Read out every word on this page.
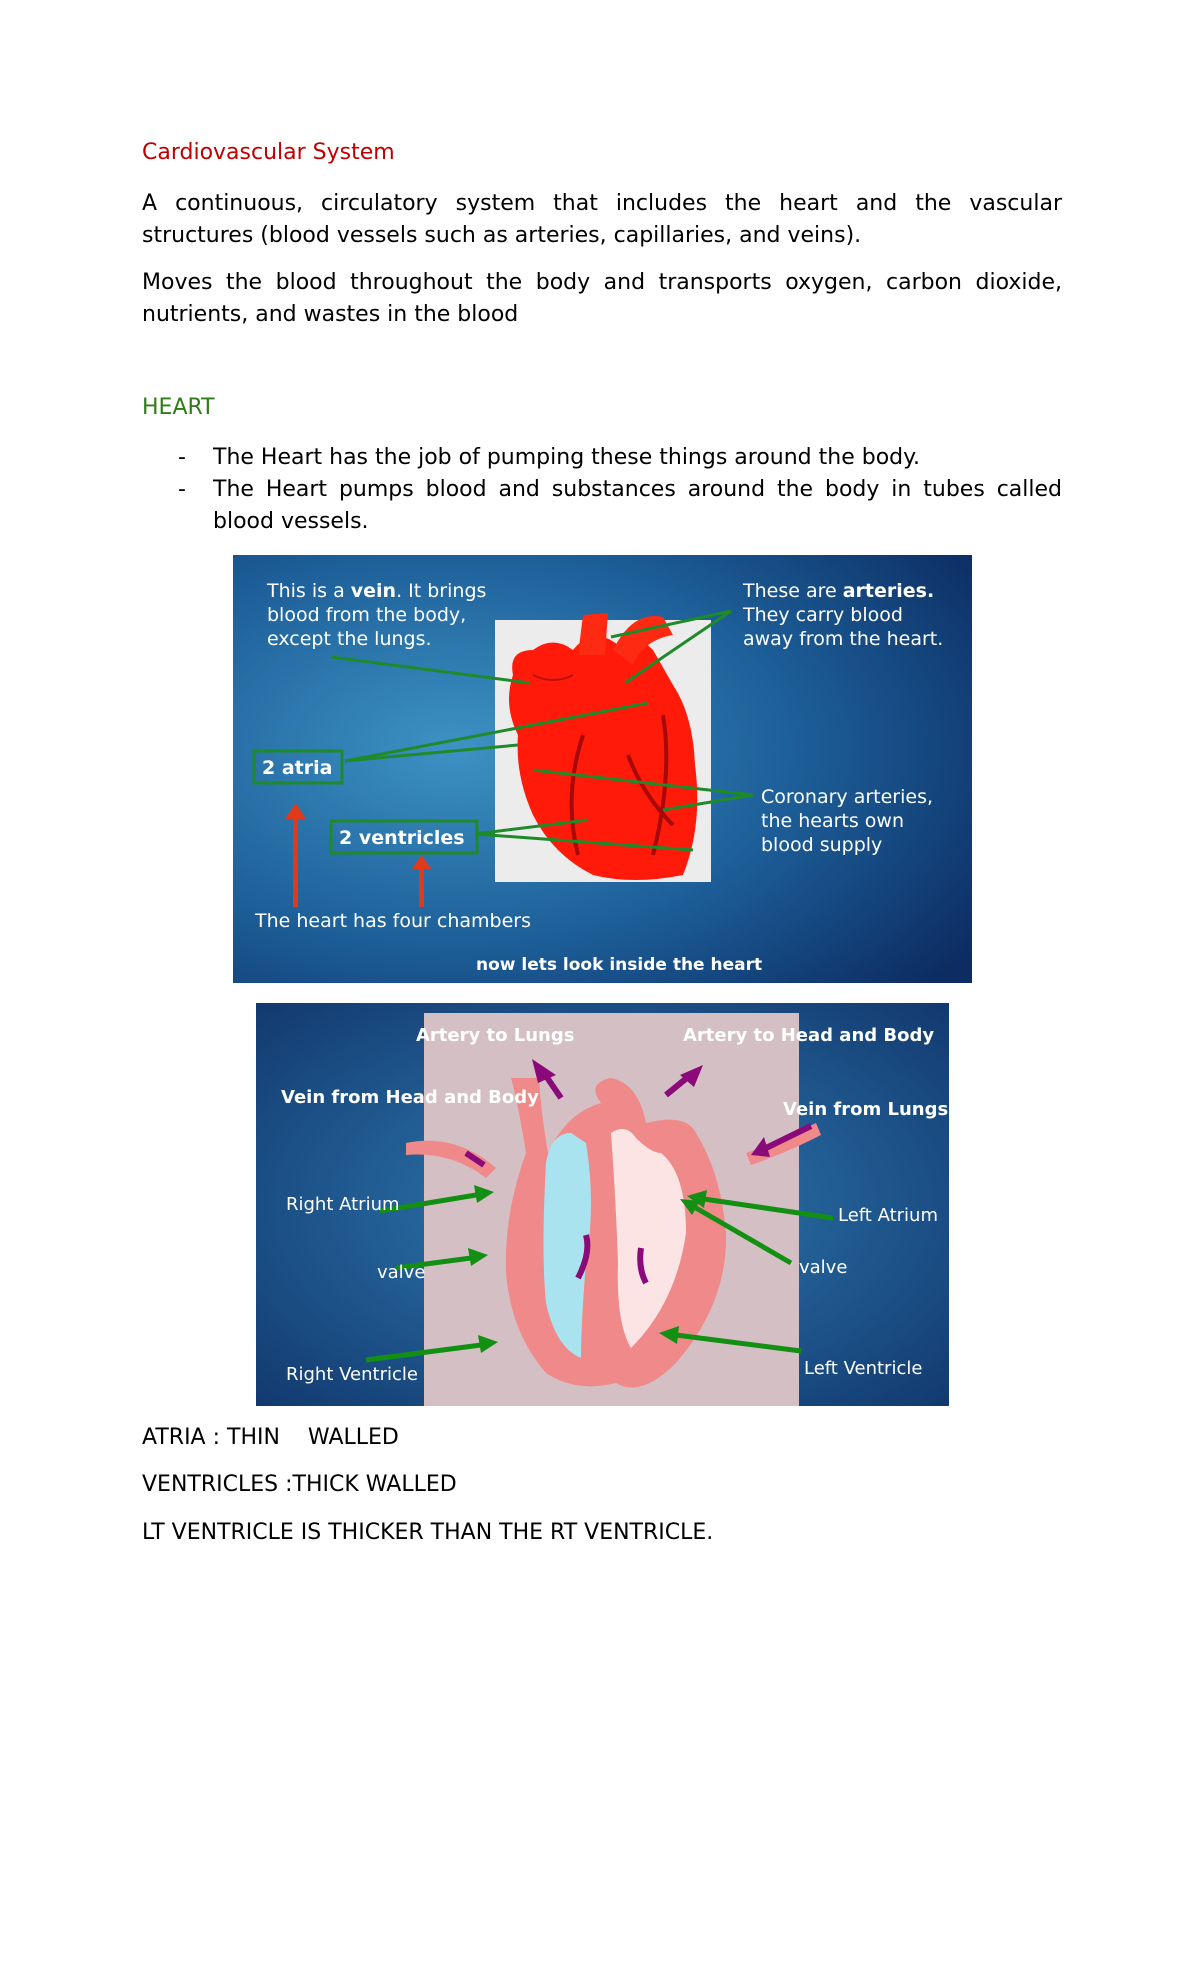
Cardiovascular System

A continuous, circulatory system that includes the heart and the vascular structures (blood vessels such as arteries, capillaries, and veins).

Moves the blood throughout the body and transports oxygen, carbon dioxide, nutrients, and wastes in the blood

HEART
- The Heart has the job of pumping these things around the body.
- The Heart pumps blood and substances around the body in tubes called blood vessels.
This is a vein. It brings
blood from the body,
except the lungs.
These are arteries.
They carry blood
away from the heart.
2 atria
2 ventricles
Coronary arteries,
the hearts own
blood supply
The heart has four chambers
now lets look inside the heart
Artery to Lungs	Artery to Head and Body
Vein from Head and Body
Vein from Lungs
Right Atrium
Left Atrium
valve	valve
Right Ventricle	Left Ventricle

ATRIA : THIN    WALLED

VENTRICLES :THICK WALLED

LT VENTRICLE IS THICKER THAN THE RT VENTRICLE.
